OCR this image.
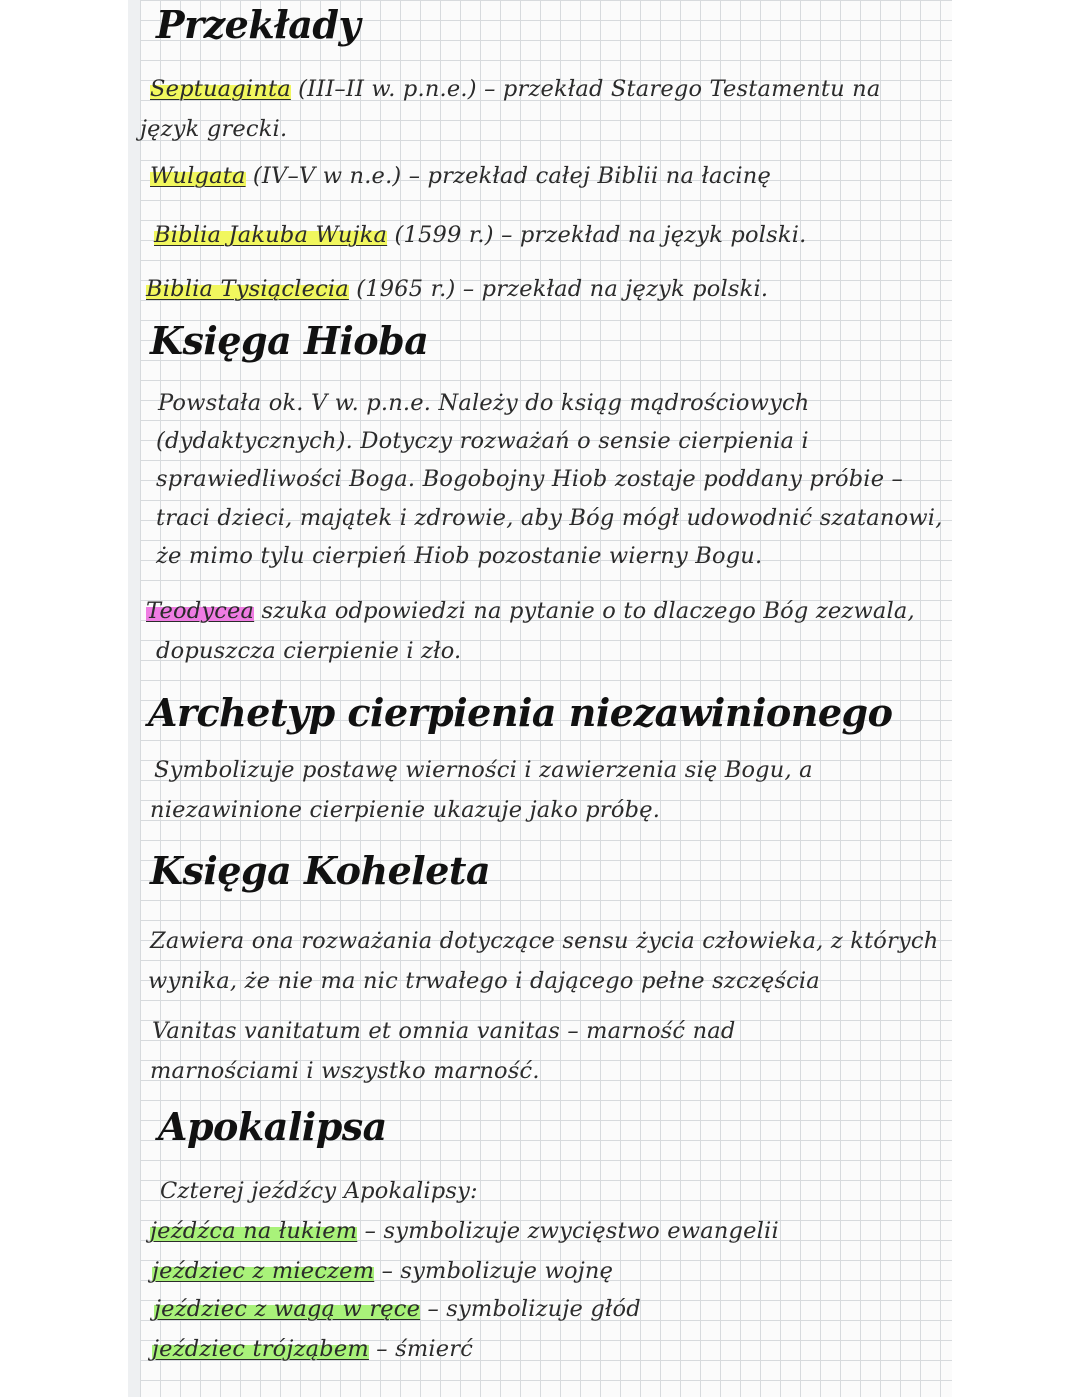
Przekłady

Septuaginta (III–II w. p.n.e.) – przekład Starego Testamentu na

język grecki.

Wulgata (IV–V w n.e.) – przekład całej Biblii na łacinę

Biblia Jakuba Wujka (1599 r.) – przekład na język polski.

Biblia Tysiąclecia (1965 r.) – przekład na język polski.

Księga Hioba

Powstała ok. V w. p.n.e. Należy do ksiąg mądrościowych

(dydaktycznych). Dotyczy rozważań o sensie cierpienia i

sprawiedliwości Boga. Bogobojny Hiob zostaje poddany próbie –

traci dzieci, majątek i zdrowie, aby Bóg mógł udowodnić szatanowi,

że mimo tylu cierpień Hiob pozostanie wierny Bogu.

Teodycea szuka odpowiedzi na pytanie o to dlaczego Bóg zezwala,

dopuszcza cierpienie i zło.

Archetyp cierpienia niezawinionego

Symbolizuje postawę wierności i zawierzenia się Bogu, a

niezawinione cierpienie ukazuje jako próbę.

Księga Koheleta

Zawiera ona rozważania dotyczące sensu życia człowieka, z których

wynika, że nie ma nic trwałego i dającego pełne szczęścia

Vanitas vanitatum et omnia vanitas – marność nad

marnościami i wszystko marność.

Apokalipsa

Czterej jeźdźcy Apokalipsy:

jeźdźca na łukiem – symbolizuje zwycięstwo ewangelii

jeździec z mieczem – symbolizuje wojnę

jeździec z wagą w ręce – symbolizuje głód

jeździec trójząbem – śmierć
